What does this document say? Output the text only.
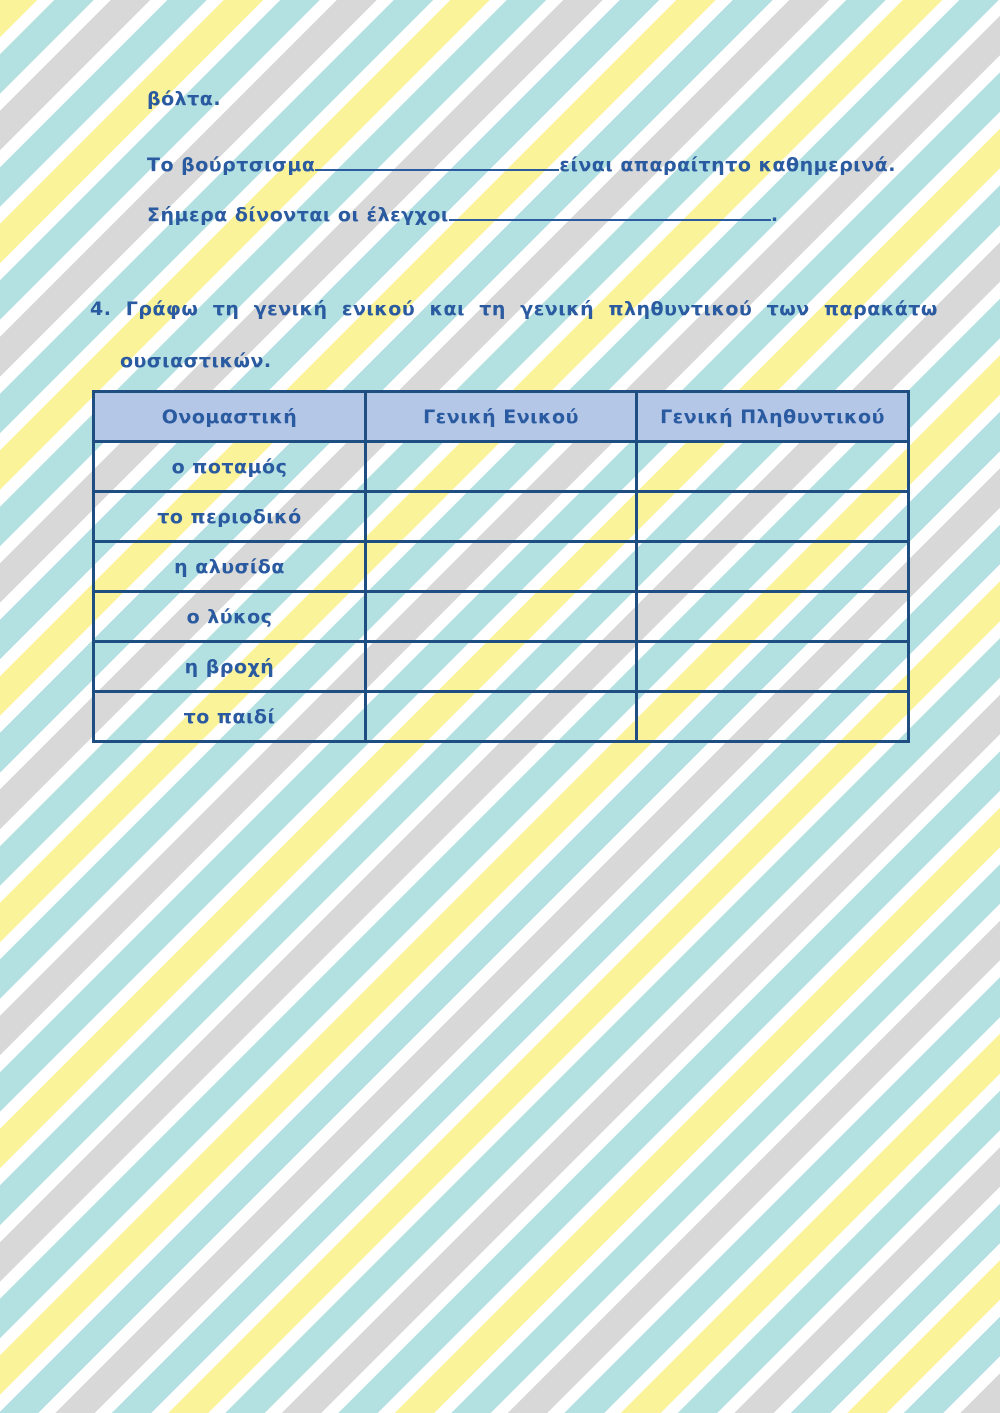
βόλτα.
Το βούρτσισμα	είναι απαραίτητο καθημερινά.
Σήμερα δίνονται οι έλεγχοι	.
4. Γράφω τη γενική ενικού και τη γενική πληθυντικού των παρακάτω
ουσιαστικών.
Ονομαστική	Γενική Ενικού	Γενική Πληθυντικού
ο ποταμός		
το περιοδικό		
η αλυσίδα		
ο λύκος		
η βροχή		
το παιδί		
